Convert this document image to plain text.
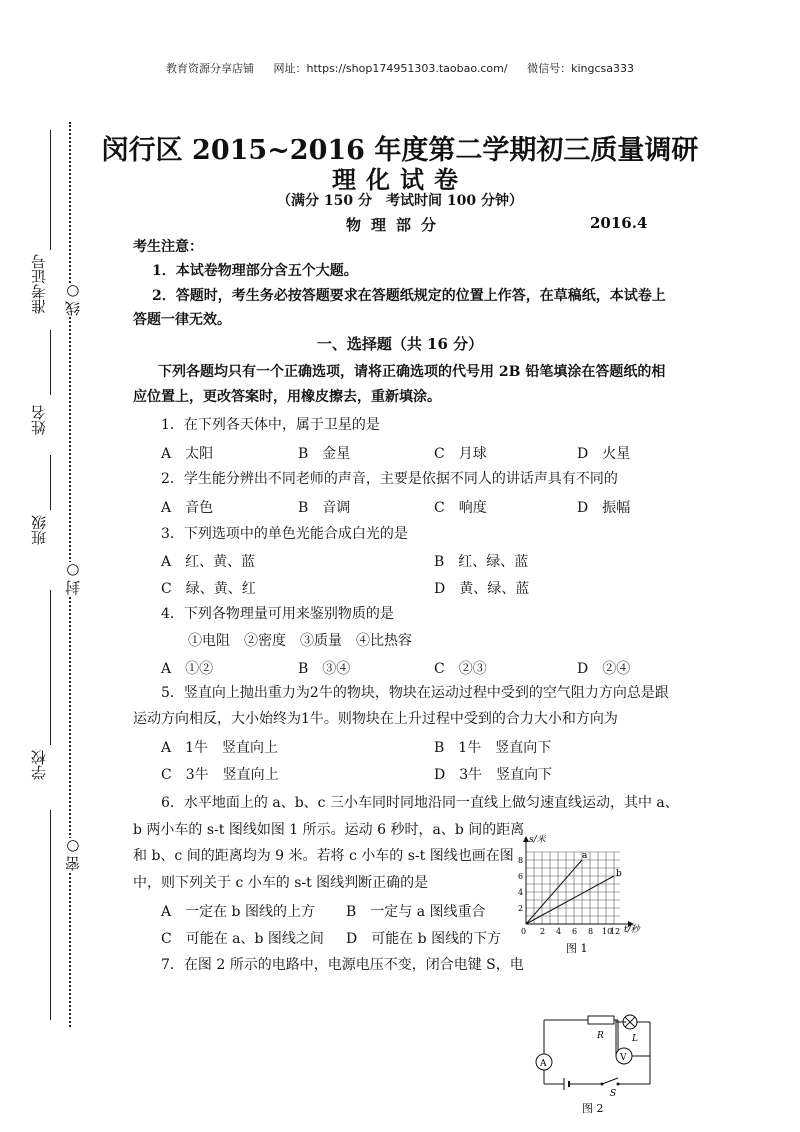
教育资源分享店铺 网址：https://shop174951303.taobao.com/ 微信号：kingcsa333
准考证号
姓名
班级
学校
线○
封○
密○
闵行区 2015~2016 年度第二学期初三质量调研
理化试卷
（满分 150 分　考试时间 100 分钟）
物理部分	2016.4
考生注意：
1．本试卷物理部分含五个大题。
2．答题时，考生务必按答题要求在答题纸规定的位置上作答，在草稿纸，本试卷上
答题一律无效。
一、选择题（共 16 分）
下列各题均只有一个正确选项，请将正确选项的代号用 2B 铅笔填涂在答题纸的相
应位置上，更改答案时，用橡皮擦去，重新填涂。
1．在下列各天体中，属于卫星的是
A　太阳	B　金星	C　月球	D　火星
2．学生能分辨出不同老师的声音，主要是依据不同人的讲话声具有不同的
A　音色	B　音调	C　响度	D　振幅
3．下列选项中的单色光能合成白光的是
A　红、黄、蓝	B　红、绿、蓝
C　绿、黄、红	D　黄、绿、蓝
4．下列各物理量可用来鉴别物质的是
①电阻　②密度　③质量　④比热容
A　①②	B　③④	C　②③	D　②④
5．竖直向上抛出重力为2牛的物块，物块在运动过程中受到的空气阻力方向总是跟
运动方向相反，大小始终为1牛。则物块在上升过程中受到的合力大小和方向为
A　1牛　竖直向上	B　1牛　竖直向下
C　3牛　竖直向上	D　3牛　竖直向下
6．水平地面上的 a、b、c 三小车同时同地沿同一直线上做匀速直线运动，其中 a、
b 两小车的 s-t 图线如图 1 所示。运动 6 秒时，a、b 间的距离
和 b、c 间的距离均为 9 米。若将 c 小车的 s-t 图线也画在图
中，则下列关于 c 小车的 s-t 图线判断正确的是
A　一定在 b 图线的上方 B　一定与 a 图线重合
C　可能在 a、b 图线之间 D　可能在 b 图线的下方
7．在图 2 所示的电路中，电源电压不变，闭合电键 S，电
a
b
s/米
t/秒
8
6
4
2
0 2 4 6 8 10
12
图 1
R	L
V
A
S
图 2
